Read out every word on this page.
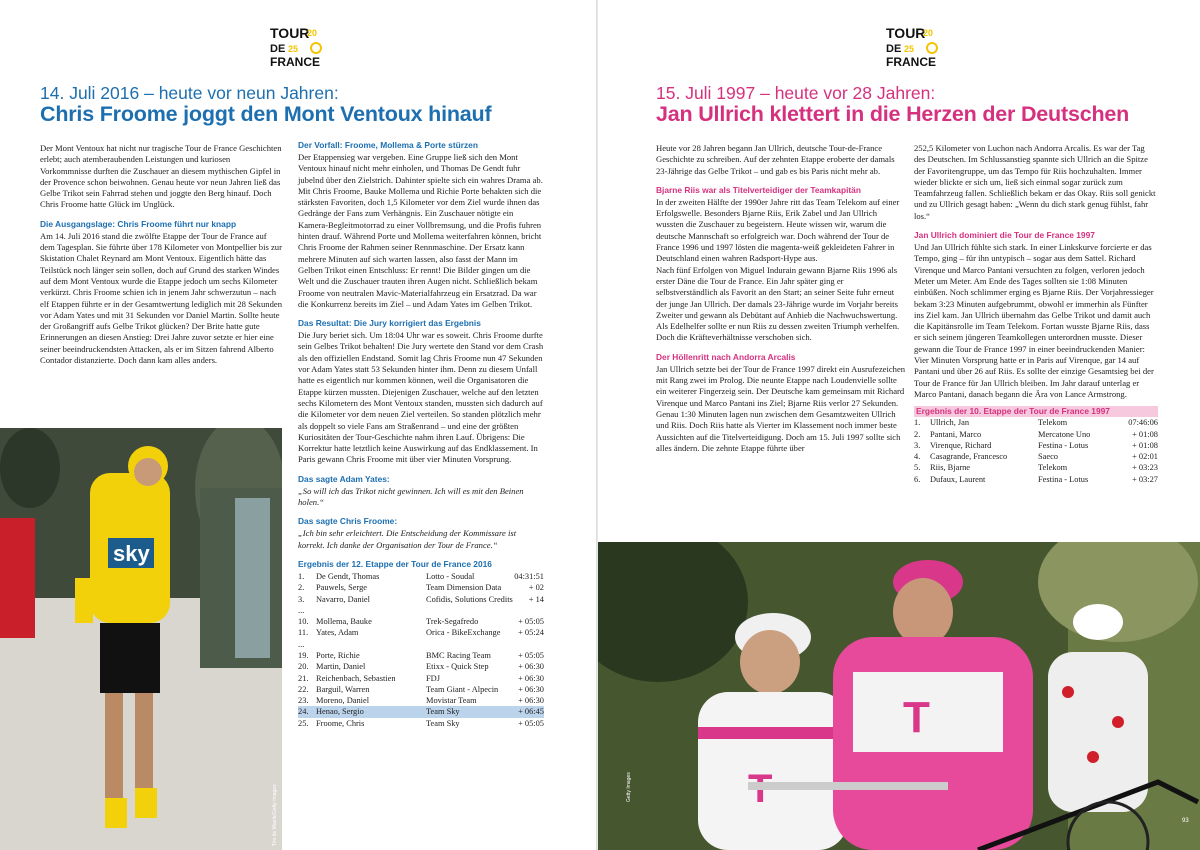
TOUR
20
DE 25
FRANCE
14. Juli 2016 – heute vor neun Jahren:
Chris Froome joggt den Mont Ventoux hinauf

Der Mont Ventoux hat nicht nur tragische Tour de France Geschichten erlebt; auch atemberaubenden Leistungen und kuriosen Vorkommnisse durften die Zuschauer an diesem mythischen Gipfel in der Provence schon beiwohnen. Genau heute vor neun Jahren ließ das Gelbe Trikot sein Fahrrad stehen und joggte den Berg hinauf. Doch Chris Froome hatte Glück im Unglück.

Die Ausgangslage: Chris Froome führt nur knapp

Am 14. Juli 2016 stand die zwölfte Etappe der Tour de France auf dem Tagesplan. Sie führte über 178 Kilometer von Montpellier bis zur Skistation Chalet Reynard am Mont Ventoux. Eigentlich hätte das Teilstück noch länger sein sollen, doch auf Grund des starken Windes auf dem Mont Ventoux wurde die Etappe jedoch um sechs Kilometer verkürzt. Chris Froome schien ich in jenem Jahr schwerzutun – nach elf Etappen führte er in der Gesamtwertung lediglich mit 28 Sekunden vor Adam Yates und mit 31 Sekunden vor Daniel Martin. Sollte heute der Großangriff aufs Gelbe Trikot glücken? Der Brite hatte gute Erinnerungen an diesen Anstieg: Drei Jahre zuvor setzte er hier eine seiner beeindruckendsten Attacken, als er im Sitzen fahrend Alberto Contador distanzierte. Doch dann kam alles anders.

sky
Tim de Waele/Getty Images
Der Vorfall: Froome, Mollema & Porte stürzen

Der Etappensieg war vergeben. Eine Gruppe ließ sich den Mont Ventoux hinauf nicht mehr einholen, und Thomas De Gendt fuhr jubelnd über den Zielstrich. Dahinter spielte sich ein wahres Drama ab. Mit Chris Froome, Bauke Mollema und Richie Porte behakten sich die stärksten Favoriten, doch 1,5 Kilometer vor dem Ziel wurde ihnen das Gedränge der Fans zum Verhängnis. Ein Zuschauer nötigte ein Kamera-Begleitmotorrad zu einer Vollbremsung, und die Profis fuhren hinten drauf. Während Porte und Mollema weiterfahren können, bricht Chris Froome der Rahmen seiner Rennmaschine. Der Ersatz kann mehrere Minuten auf sich warten lassen, also fasst der Mann im Gelben Trikot einen Entschluss: Er rennt! Die Bilder gingen um die Welt und die Zuschauer trauten ihren Augen nicht. Schließlich bekam Froome von neutralen Mavic-Materialfahrzeug ein Ersatzrad. Da war die Konkurrenz bereits im Ziel – und Adam Yates im Gelben Trikot.

Das Resultat: Die Jury korrigiert das Ergebnis

Die Jury beriet sich. Um 18:04 Uhr war es soweit. Chris Froome durfte sein Gelbes Trikot behalten! Die Jury wertete den Stand vor dem Crash als den offiziellen Endstand. Somit lag Chris Froome nun 47 Sekunden vor Adam Yates statt 53 Sekunden hinter ihm. Denn zu diesem Unfall hatte es eigentlich nur kommen können, weil die Organisatoren die Etappe kürzen mussten. Diejenigen Zuschauer, welche auf den letzten sechs Kilometern des Mont Ventoux standen, mussten sich dadurch auf die Kilometer vor dem neuen Ziel verteilen. So standen plötzlich mehr als doppelt so viele Fans am Straßenrand – und eine der größten Kuriositäten der Tour-Geschichte nahm ihren Lauf. Übrigens: Die Korrektur hatte letztlich keine Auswirkung auf das Endklassement. In Paris gewann Chris Froome mit über vier Minuten Vorsprung.

Das sagte Adam Yates:

„So will ich das Trikot nicht gewinnen. Ich will es mit den Beinen holen.“

Das sagte Chris Froome:

„Ich bin sehr erleichtert. Die Entscheidung der Kommissare ist korrekt. Ich danke der Organisation der Tour de France.“

Ergebnis der 12. Etappe der Tour de France 2016
1.	De Gendt, Thomas	Lotto - Soudal	04:31:51
2.	Pauwels, Serge	Team Dimension Data	+ 02
3.	Navarro, Daniel	Cofidis, Solutions Credits	+ 14
...			
10.	Mollema, Bauke	Trek-Segafredo	+ 05:05
11.	Yates, Adam	Orica - BikeExchange	+ 05:24
...			
19.	Porte, Richie	BMC Racing Team	+ 05:05
20.	Martin, Daniel	Etixx - Quick Step	+ 06:30
21.	Reichenbach, Sebastien	FDJ	+ 06:30
22.	Barguil, Warren	Team Giant - Alpecin	+ 06:30
23.	Moreno, Daniel	Movistar Team	+ 06:30
24.	Henao, Sergio	Team Sky	+ 06:45
25.	Froome, Chris	Team Sky	+ 05:05
TOUR
20
DE 25
FRANCE
15. Juli 1997 – heute vor 28 Jahren:
Jan Ullrich klettert in die Herzen der Deutschen

Heute vor 28 Jahren begann Jan Ullrich, deutsche Tour-de-France Geschichte zu schreiben. Auf der zehnten Etappe eroberte der damals 23-Jährige das Gelbe Trikot – und gab es bis Paris nicht mehr ab.

Bjarne Riis war als Titelverteidiger der Teamkapitän

In der zweiten Hälfte der 1990er Jahre ritt das Team Telekom auf einer Erfolgswelle. Besonders Bjarne Riis, Erik Zabel und Jan Ullrich wussten die Zuschauer zu begeistern. Heute wissen wir, warum die deutsche Mannschaft so erfolgreich war. Doch während der Tour de France 1996 und 1997 lösten die magenta-weiß gekleideten Fahrer in Deutschland einen wahren Radsport-Hype aus.

Nach fünf Erfolgen von Miguel Indurain gewann Bjarne Riis 1996 als erster Däne die Tour de France. Ein Jahr später ging er selbstverständlich als Favorit an den Start; an seiner Seite fuhr erneut der junge Jan Ullrich. Der damals 23-Jährige wurde im Vorjahr bereits Zweiter und gewann als Debütant auf Anhieb die Nachwuchswertung. Als Edelhelfer sollte er nun Riis zu dessen zweiten Triumph verhelfen. Doch die Kräfteverhältnisse verschoben sich.

Der Höllenritt nach Andorra Arcalis

Jan Ullrich setzte bei der Tour de France 1997 direkt ein Ausrufezeichen mit Rang zwei im Prolog. Die neunte Etappe nach Loudenvielle sollte ein weiterer Fingerzeig sein. Der Deutsche kam gemeinsam mit Richard Virenque und Marco Pantani ins Ziel; Bjarne Riis verlor 27 Sekunden. Genau 1:30 Minuten lagen nun zwischen dem Gesamtzweiten Ullrich und Riis. Doch Riis hatte als Vierter im Klassement noch immer beste Aussichten auf die Titelverteidigung. Doch am 15. Juli 1997 sollte sich alles ändern. Die zehnte Etappe führte über

252,5 Kilometer von Luchon nach Andorra Arcalis. Es war der Tag des Deutschen. Im Schlussanstieg spannte sich Ullrich an die Spitze der Favoritengruppe, um das Tempo für Riis hochzuhalten. Immer wieder blickte er sich um, ließ sich einmal sogar zurück zum Teamfahrzeug fallen. Schließlich bekam er das Okay. Riis soll genickt und zu Ullrich gesagt haben: „Wenn du dich stark genug fühlst, fahr los.“

Jan Ullrich dominiert die Tour de France 1997

Und Jan Ullrich fühlte sich stark. In einer Linkskurve forcierte er das Tempo, ging – für ihn untypisch – sogar aus dem Sattel. Richard Virenque und Marco Pantani versuchten zu folgen, verloren jedoch Meter um Meter. Am Ende des Tages sollten sie 1:08 Minuten einbüßen. Noch schlimmer erging es Bjarne Riis. Der Vorjahressieger bekam 3:23 Minuten aufgebrummt, obwohl er immerhin als Fünfter ins Ziel kam. Jan Ullrich übernahm das Gelbe Trikot und damit auch die Kapitänsrolle im Team Telekom. Fortan wusste Bjarne Riis, dass er sich seinem jüngeren Teamkollegen unterordnen musste. Dieser gewann die Tour de France 1997 in einer beeindruckenden Manier: Vier Minuten Vorsprung hatte er in Paris auf Virenque, gar 14 auf Pantani und über 26 auf Riis. Es sollte der einzige Gesamtsieg bei der Tour de France für Jan Ullrich bleiben. Im Jahr darauf unterlag er Marco Pantani, danach begann die Ära von Lance Armstrong.

Ergebnis der 10. Etappe der Tour de France 1997
1.	Ullrich, Jan	Telekom	07:46:06
2.	Pantani, Marco	Mercatone Uno	+ 01:08
3.	Virenque, Richard	Festina - Lotus	+ 01:08
4.	Casagrande, Francesco	Saeco	+ 02:01
5.	Riis, Bjarne	Telekom	+ 03:23
6.	Dufaux, Laurent	Festina - Lotus	+ 03:27
T
Getty Images
93
